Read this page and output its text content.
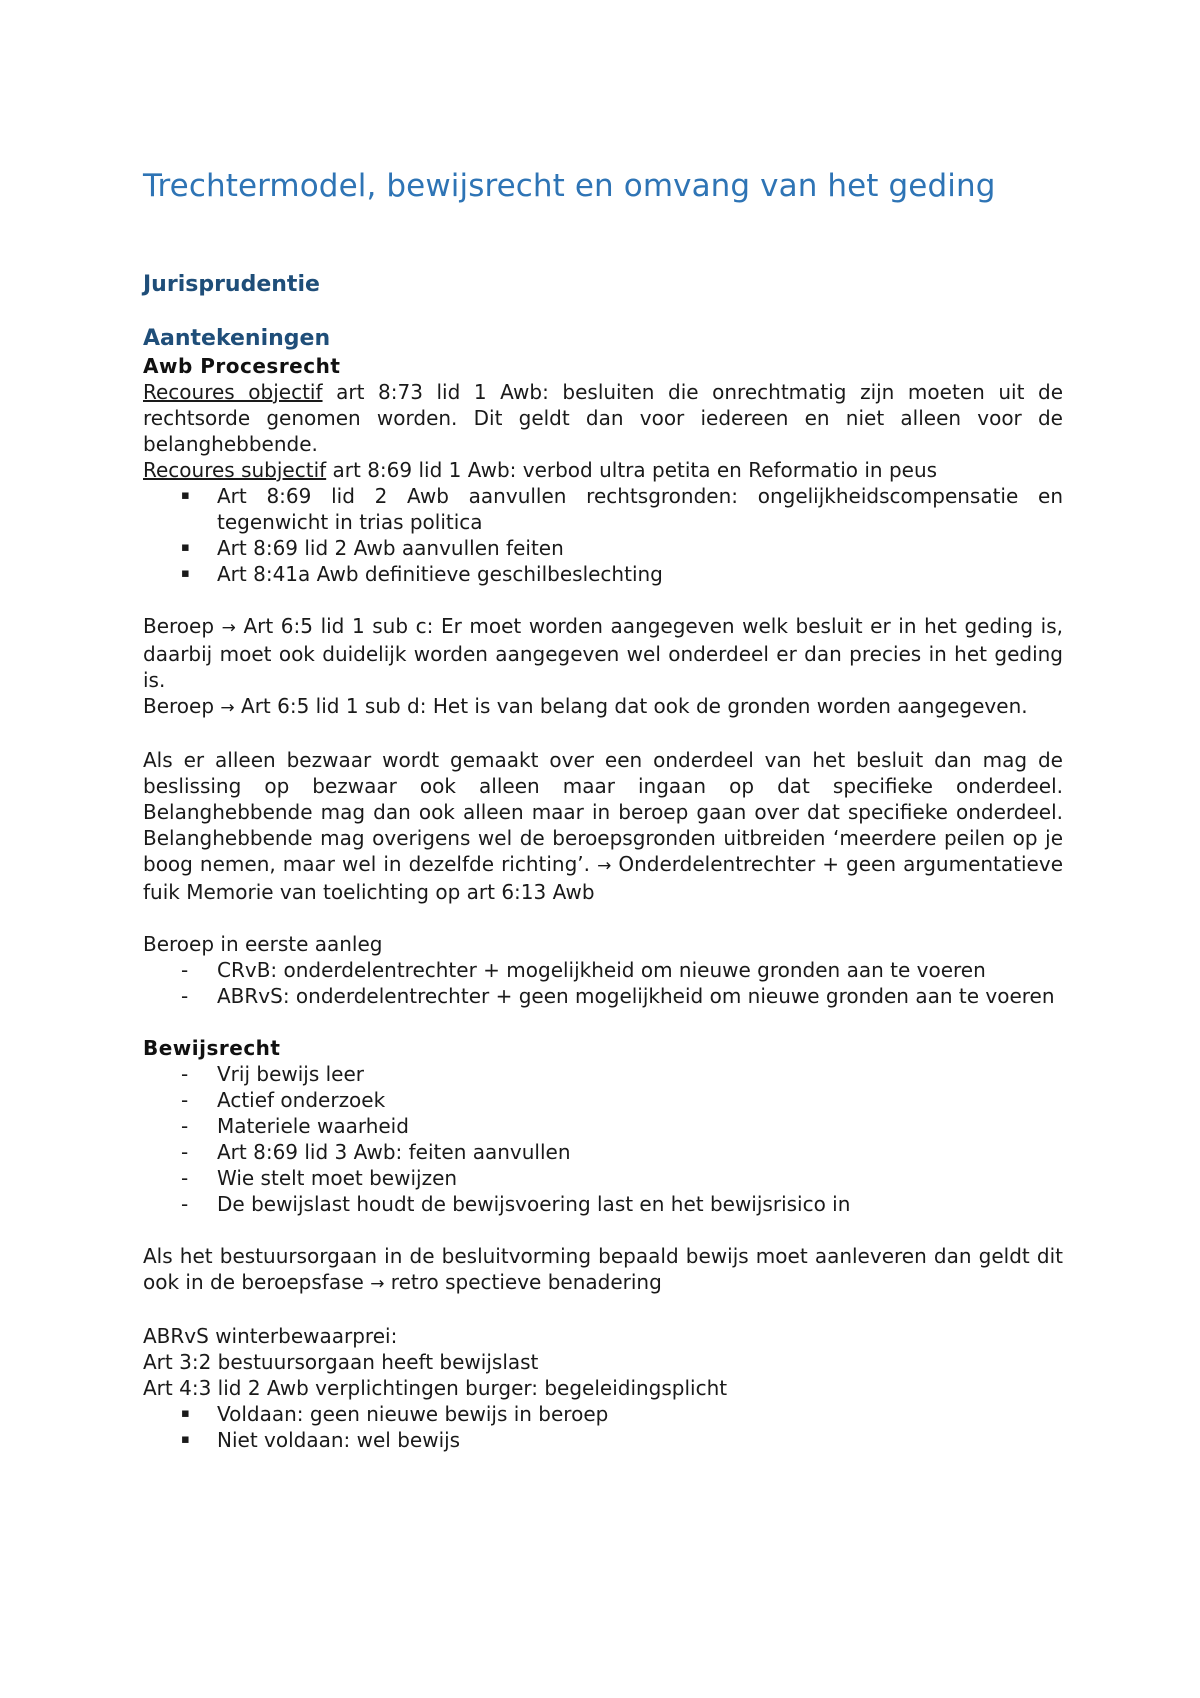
Trechtermodel, bewijsrecht en omvang van het geding
Jurisprudentie
Aantekeningen

Awb Procesrecht

Recoures objectif art 8:73 lid 1 Awb: besluiten die onrechtmatig zijn moeten uit de rechtsorde genomen worden. Dit geldt dan voor iedereen en niet alleen voor de belanghebbende.

Recoures subjectif art 8:69 lid 1 Awb: verbod ultra petita en Reformatio in peus

▪ Art 8:69 lid 2 Awb aanvullen rechtsgronden: ongelijkheidscompensatie en tegenwicht in trias politica
▪ Art 8:69 lid 2 Awb aanvullen feiten
▪ Art 8:41a Awb definitieve geschilbeslechting

Beroep → Art 6:5 lid 1 sub c: Er moet worden aangegeven welk besluit er in het geding is, daarbij moet ook duidelijk worden aangegeven wel onderdeel er dan precies in het geding is.

Beroep → Art 6:5 lid 1 sub d: Het is van belang dat ook de gronden worden aangegeven.

Als er alleen bezwaar wordt gemaakt over een onderdeel van het besluit dan mag de beslissing op bezwaar ook alleen maar ingaan op dat specifieke onderdeel. Belanghebbende mag dan ook alleen maar in beroep gaan over dat specifieke onderdeel. Belanghebbende mag overigens wel de beroepsgronden uitbreiden ‘meerdere peilen op je boog nemen, maar wel in dezelfde richting’. → Onderdelentrechter + geen argumentatieve fuik Memorie van toelichting op art 6:13 Awb

Beroep in eerste aanleg

- CRvB: onderdelentrechter + mogelijkheid om nieuwe gronden aan te voeren
- ABRvS: onderdelentrechter + geen mogelijkheid om nieuwe gronden aan te voeren

Bewijsrecht

- Vrij bewijs leer
- Actief onderzoek
- Materiele waarheid
- Art 8:69 lid 3 Awb: feiten aanvullen
- Wie stelt moet bewijzen
- De bewijslast houdt de bewijsvoering last en het bewijsrisico in

Als het bestuursorgaan in de besluitvorming bepaald bewijs moet aanleveren dan geldt dit ook in de beroepsfase → retro spectieve benadering

ABRvS winterbewaarprei:

Art 3:2 bestuursorgaan heeft bewijslast

Art 4:3 lid 2 Awb verplichtingen burger: begeleidingsplicht

▪ Voldaan: geen nieuwe bewijs in beroep
▪ Niet voldaan: wel bewijs
